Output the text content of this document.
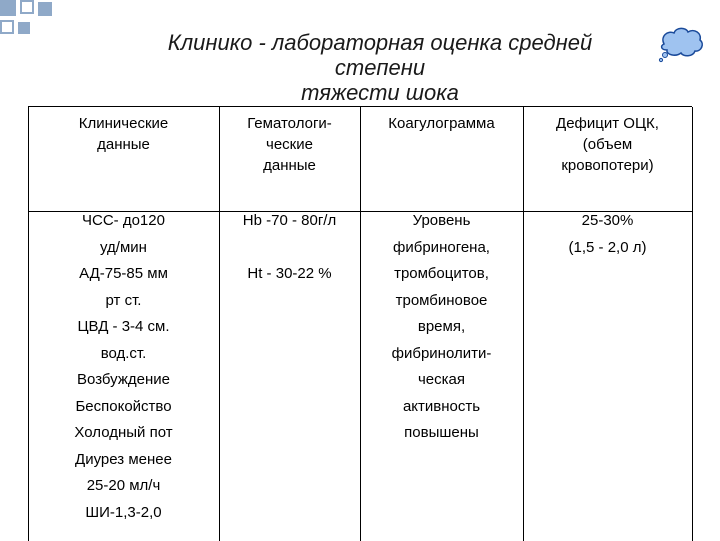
Клинико - лабораторная оценка средней
степени
тяжести шока
Клинические
данные
Гематологи-
ческие
данные
Коагулограмма	Дефицит ОЦК,
(объем
кровопотери)
ЧСС- до120
уд/мин
АД-75-85 мм
рт ст.
ЦВД - 3-4 см.
вод.ст.
Возбуждение
Беспокойство
Холодный пот
Диурез менее
25-20 мл/ч
ШИ-1,3-2,0
Hb -70 - 80г/л

Ht - 30-22 %
Уровень
фибриногена,
тромбоцитов,
тромбиновое
время,
фибринолити-
ческая
активность
повышены
25-30%
(1,5 - 2,0 л)
